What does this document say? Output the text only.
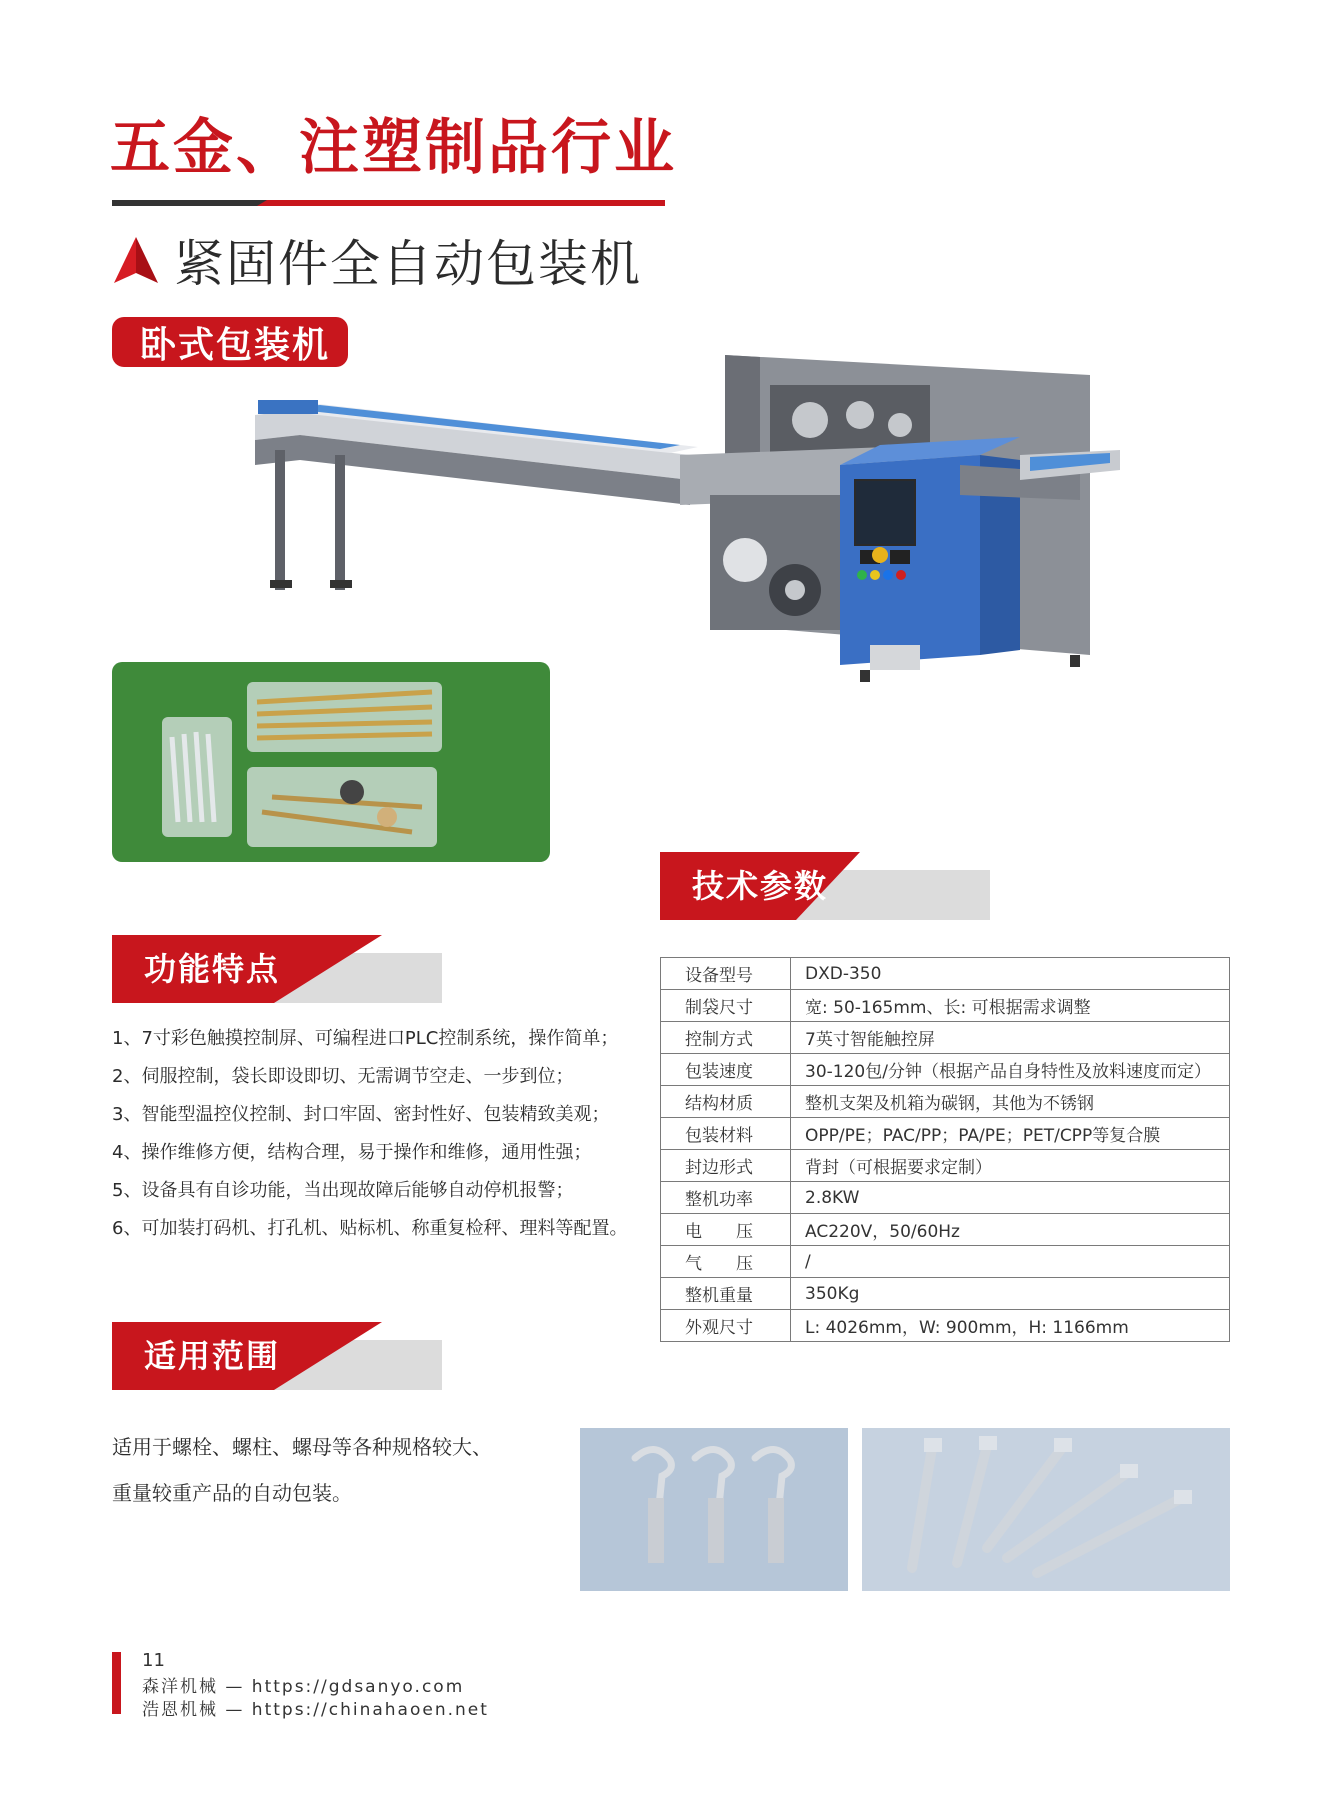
五金、注塑制品行业
紧固件全自动包装机
卧式包装机
技术参数
设备型号	DXD-350
制袋尺寸	宽: 50-165mm、长: 可根据需求调整
控制方式	7英寸智能触控屏
包装速度	30-120包/分钟（根据产品自身特性及放料速度而定）
结构材质	整机支架及机箱为碳钢，其他为不锈钢
包装材料	OPP/PE；PAC/PP；PA/PE；PET/CPP等复合膜
封边形式	背封（可根据要求定制）
整机功率	2.8KW
电　　压	AC220V，50/60Hz
气　　压	/
整机重量	350Kg
外观尺寸	L: 4026mm，W: 900mm，H: 1166mm
功能特点
1、7寸彩色触摸控制屏、可编程进口PLC控制系统，操作简单；
2、伺服控制，袋长即设即切、无需调节空走、一步到位；
3、智能型温控仪控制、封口牢固、密封性好、包装精致美观；
4、操作维修方便，结构合理，易于操作和维修，通用性强；
5、设备具有自诊功能，当出现故障后能够自动停机报警；
6、可加装打码机、打孔机、贴标机、称重复检秤、理料等配置。
适用范围
适用于螺栓、螺柱、螺母等各种规格较大、
重量较重产品的自动包装。
11
森洋机械 — https://gdsanyo.com
浩恩机械 — https://chinahaoen.net
